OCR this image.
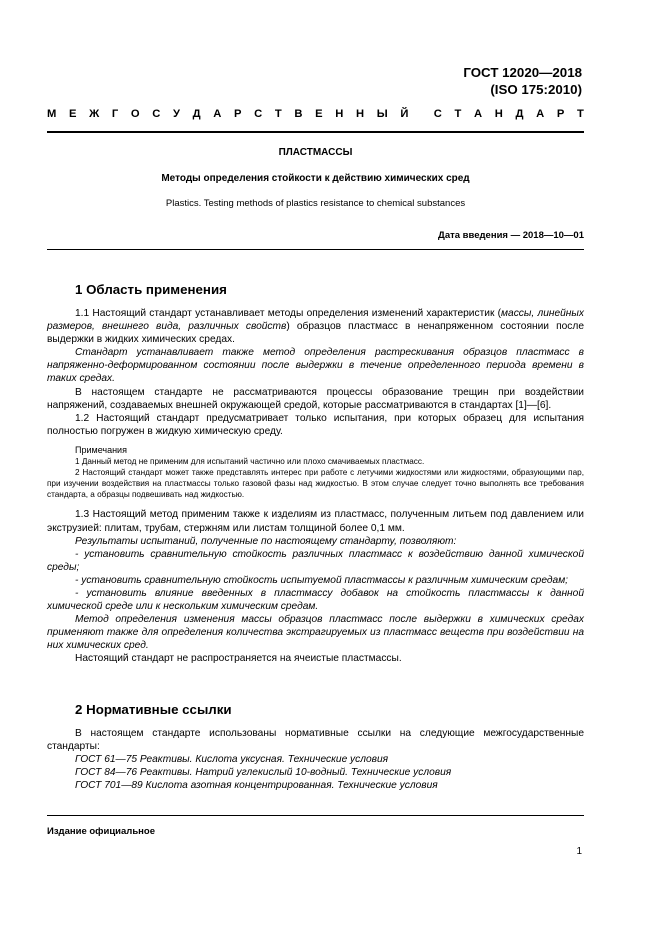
ГОСТ 12020—2018
(ISO 175:2010)
М Е Ж Г О С У Д А Р С Т В Е Н Н Ы Й С Т А Н Д А Р Т
ПЛАСТМАССЫ
Методы определения стойкости к действию химических сред
Plastics. Testing methods of plastics resistance to chemical substances
Дата введения — 2018—10—01
1 Область применения

1.1 Настоящий стандарт устанавливает методы определения изменений характеристик (массы, линейных размеров, внешнего вида, различных свойств) образцов пластмасс в ненапряженном состоянии после выдержки в жидких химических средах.

Стандарт устанавливает также метод определения растрескивания образцов пластмасс в напряженно-деформированном состоянии после выдержки в течение определенного периода времени в таких средах.

В настоящем стандарте не рассматриваются процессы образование трещин при воздействии напряжений, создаваемых внешней окружающей средой, которые рассматриваются в стандартах [1]—[6].

1.2 Настоящий стандарт предусматривает только испытания, при которых образец для испытания полностью погружен в жидкую химическую среду.

Примечания

1 Данный метод не применим для испытаний частично или плохо смачиваемых пластмасс.

2 Настоящий стандарт может также представлять интерес при работе с летучими жидкостями или жидкостями, образующими пар, при изучении воздействия на пластмассы только газовой фазы над жидкостью. В этом случае следует точно выполнять все требования стандарта, а образцы подвешивать над жидкостью.

1.3 Настоящий метод применим также к изделиям из пластмасс, полученным литьем под давлением или экструзией: плитам, трубам, стержням или листам толщиной более 0,1 мм.

Результаты испытаний, полученные по настоящему стандарту, позволяют:

- установить сравнительную стойкость различных пластмасс к воздействию данной химической среды;

- установить сравнительную стойкость испытуемой пластмассы к различным химическим средам;

- установить влияние введенных в пластмассу добавок на стойкость пластмассы к данной химической среде или к нескольким химическим средам.

Метод определения изменения массы образцов пластмасс после выдержки в химических средах применяют также для определения количества экстрагируемых из пластмасс веществ при воздействии на них химических сред.

Настоящий стандарт не распространяется на ячеистые пластмассы.

2 Нормативные ссылки

В настоящем стандарте использованы нормативные ссылки на следующие межгосударственные стандарты:

ГОСТ 61—75 Реактивы. Кислота уксусная. Технические условия

ГОСТ 84—76 Реактивы. Натрий углекислый 10-водный. Технические условия

ГОСТ 701—89 Кислота азотная концентрированная. Технические условия

Издание официальное
1
